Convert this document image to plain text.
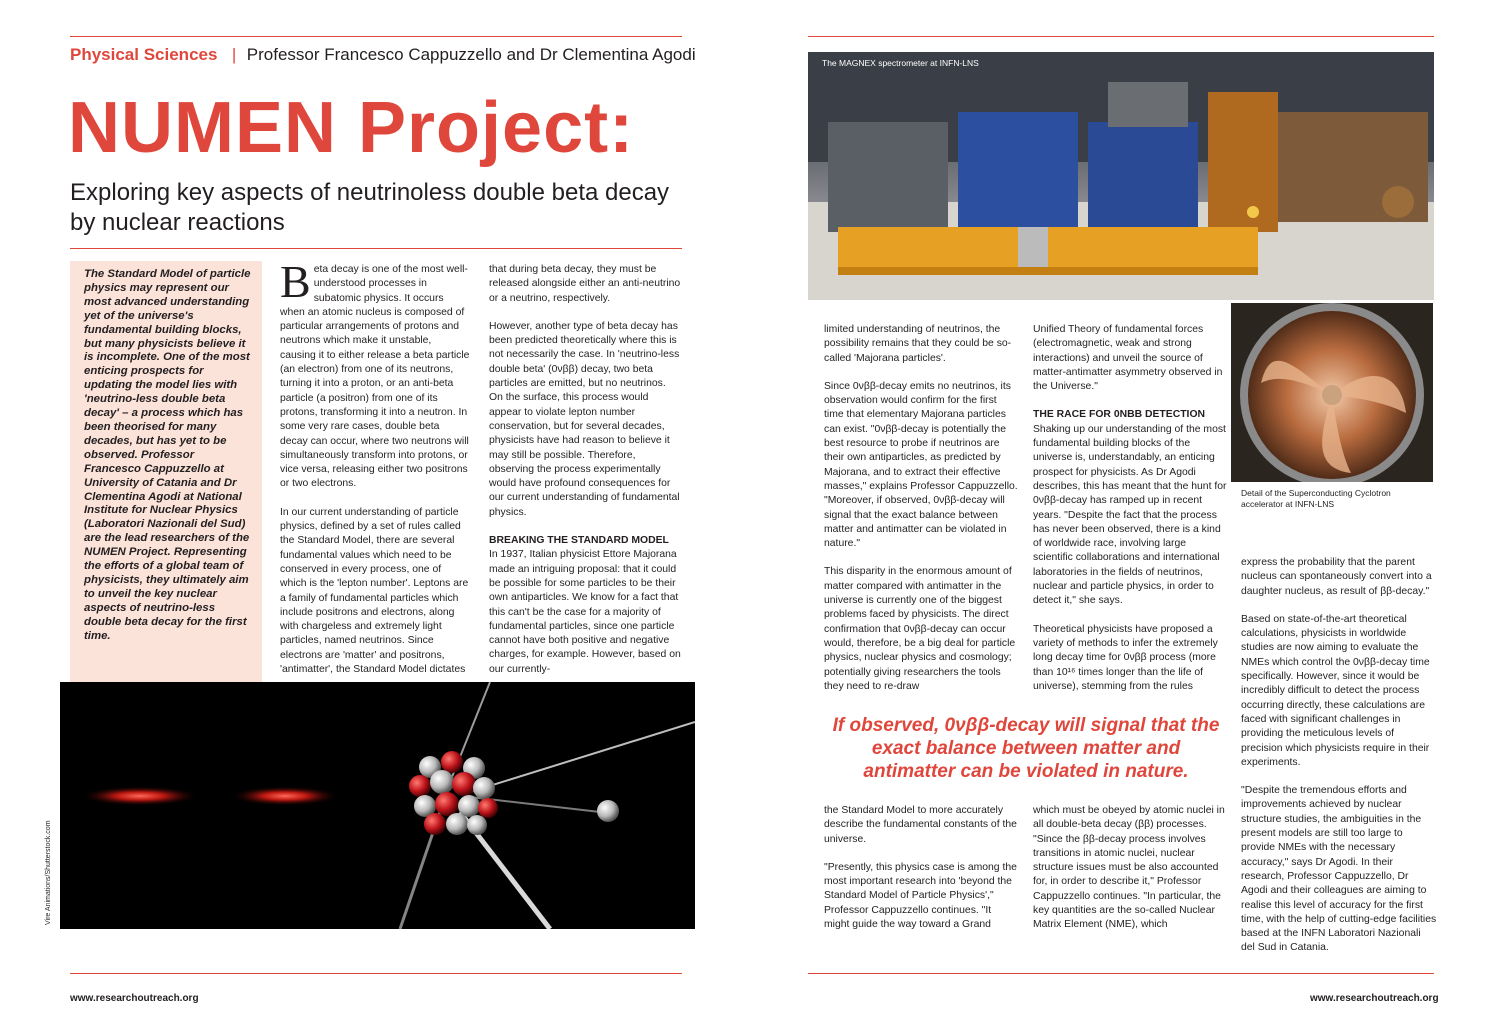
Physical Sciences | Professor Francesco Cappuzzello and Dr Clementina Agodi
NUMEN Project:
Exploring key aspects of neutrinoless double beta decay
by nuclear reactions
The Standard Model of particle physics may represent our most advanced understanding yet of the universe's fundamental building blocks, but many physicists believe it is incomplete. One of the most enticing prospects for updating the model lies with 'neutrino-less double beta decay' – a process which has been theorised for many decades, but has yet to be observed. Professor Francesco Cappuzzello at University of Catania and Dr Clementina Agodi at National Institute for Nuclear Physics (Laboratori Nazionali del Sud) are the lead researchers of the NUMEN Project. Representing the efforts of a global team of physicists, they ultimately aim to unveil the key nuclear aspects of neutrino-less double beta decay for the first time.
Vire Animations/Shutterstock.com

Beta decay is one of the most well-understood processes in subatomic physics. It occurs when an atomic nucleus is composed of particular arrangements of protons and neutrons which make it unstable, causing it to either release a beta particle (an electron) from one of its neutrons, turning it into a proton, or an anti-beta particle (a positron) from one of its protons, transforming it into a neutron. In some very rare cases, double beta decay can occur, where two neutrons will simultaneously transform into protons, or vice versa, releasing either two positrons or two electrons.

In our current understanding of particle physics, defined by a set of rules called the Standard Model, there are several fundamental values which need to be conserved in every process, one of which is the 'lepton number'. Leptons are a family of fundamental particles which include positrons and electrons, along with chargeless and extremely light particles, named neutrinos. Since electrons are 'matter' and positrons, 'antimatter', the Standard Model dictates

that during beta decay, they must be released alongside either an anti-neutrino or a neutrino, respectively.

However, another type of beta decay has been predicted theoretically where this is not necessarily the case. In 'neutrino-less double beta' (0νββ) decay, two beta particles are emitted, but no neutrinos. On the surface, this process would appear to violate lepton number conservation, but for several decades, physicists have had reason to believe it may still be possible. Therefore, observing the process experimentally would have profound consequences for our current understanding of fundamental physics.

BREAKING THE STANDARD MODEL

In 1937, Italian physicist Ettore Majorana made an intriguing proposal: that it could be possible for some particles to be their own antiparticles. We know for a fact that this can't be the case for a majority of fundamental particles, since one particle cannot have both positive and negative charges, for example. However, based on our currently-

www.researchoutreach.org
The MAGNEX spectrometer at INFN-LNS
Detail of the Superconducting Cyclotron accelerator at INFN-LNS

limited understanding of neutrinos, the possibility remains that they could be so-called 'Majorana particles'.

Since 0νββ-decay emits no neutrinos, its observation would confirm for the first time that elementary Majorana particles can exist. "0νββ-decay is potentially the best resource to probe if neutrinos are their own antiparticles, as predicted by Majorana, and to extract their effective masses," explains Professor Cappuzzello. "Moreover, if observed, 0νββ-decay will signal that the exact balance between matter and antimatter can be violated in nature."

This disparity in the enormous amount of matter compared with antimatter in the universe is currently one of the biggest problems faced by physicists. The direct confirmation that 0νββ-decay can occur would, therefore, be a big deal for particle physics, nuclear physics and cosmology; potentially giving researchers the tools they need to re-draw

Unified Theory of fundamental forces (electromagnetic, weak and strong interactions) and unveil the source of matter-antimatter asymmetry observed in the Universe."

THE RACE FOR 0ΝΒΒ DETECTION

Shaking up our understanding of the most fundamental building blocks of the universe is, understandably, an enticing prospect for physicists. As Dr Agodi describes, this has meant that the hunt for 0νββ-decay has ramped up in recent years. "Despite the fact that the process has never been observed, there is a kind of worldwide race, involving large scientific collaborations and international laboratories in the fields of neutrinos, nuclear and particle physics, in order to detect it," she says.

Theoretical physicists have proposed a variety of methods to infer the extremely long decay time for 0νββ process (more than 10¹⁶ times longer than the life of universe), stemming from the rules

If observed, 0νββ-decay will signal that the exact balance between matter and antimatter can be violated in nature.

the Standard Model to more accurately describe the fundamental constants of the universe.

"Presently, this physics case is among the most important research into 'beyond the Standard Model of Particle Physics'," Professor Cappuzzello continues. "It might guide the way toward a Grand

which must be obeyed by atomic nuclei in all double-beta decay (ββ) processes. "Since the ββ-decay process involves transitions in atomic nuclei, nuclear structure issues must be also accounted for, in order to describe it," Professor Cappuzzello continues. "In particular, the key quantities are the so-called Nuclear Matrix Element (NME), which

express the probability that the parent nucleus can spontaneously convert into a daughter nucleus, as result of ββ-decay."

Based on state-of-the-art theoretical calculations, physicists in worldwide studies are now aiming to evaluate the NMEs which control the 0νββ-decay time specifically. However, since it would be incredibly difficult to detect the process occurring directly, these calculations are faced with significant challenges in providing the meticulous levels of precision which physicists require in their experiments.

"Despite the tremendous efforts and improvements achieved by nuclear structure studies, the ambiguities in the present models are still too large to provide NMEs with the necessary accuracy," says Dr Agodi. In their research, Professor Cappuzzello, Dr Agodi and their colleagues are aiming to realise this level of accuracy for the first time, with the help of cutting-edge facilities based at the INFN Laboratori Nazionali del Sud in Catania.

www.researchoutreach.org
